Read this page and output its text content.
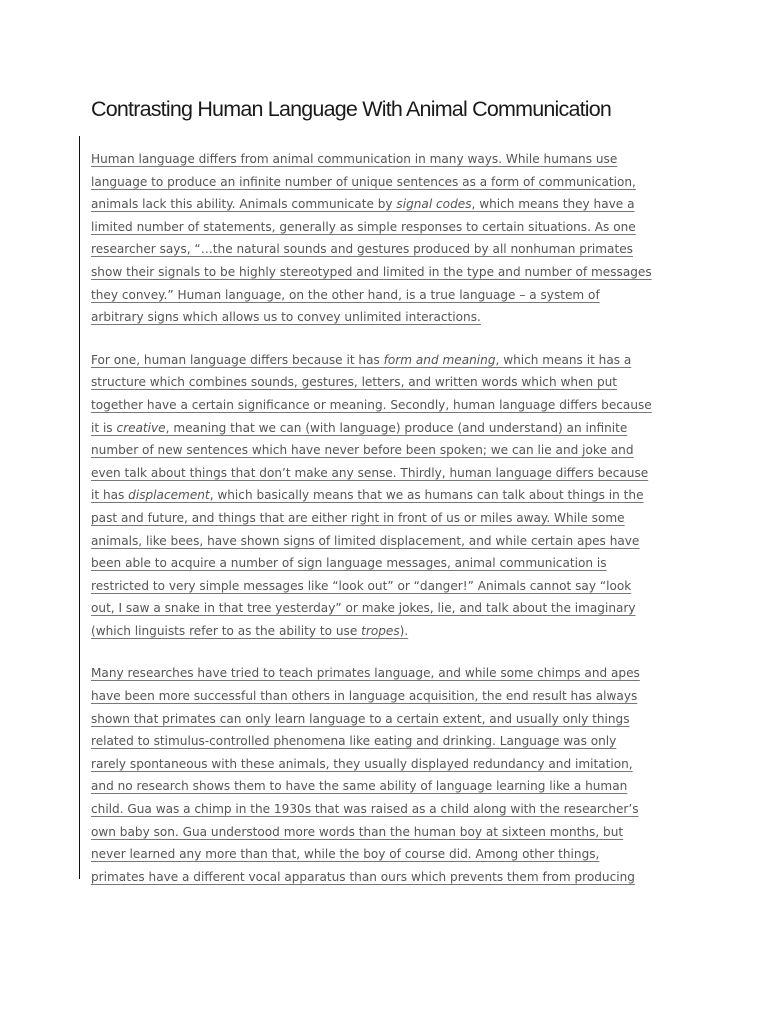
Contrasting Human Language With Animal Communication
Human language differs from animal communication in many ways. While humans use
language to produce an infinite number of unique sentences as a form of communication,
animals lack this ability. Animals communicate by signal codes, which means they have a
limited number of statements, generally as simple responses to certain situations. As one
researcher says, “…the natural sounds and gestures produced by all nonhuman primates
show their signals to be highly stereotyped and limited in the type and number of messages
they convey.” Human language, on the other hand, is a true language – a system of
arbitrary signs which allows us to convey unlimited interactions.
For one, human language differs because it has form and meaning, which means it has a
structure which combines sounds, gestures, letters, and written words which when put
together have a certain significance or meaning. Secondly, human language differs because
it is creative, meaning that we can (with language) produce (and understand) an infinite
number of new sentences which have never before been spoken; we can lie and joke and
even talk about things that don’t make any sense. Thirdly, human language differs because
it has displacement, which basically means that we as humans can talk about things in the
past and future, and things that are either right in front of us or miles away. While some
animals, like bees, have shown signs of limited displacement, and while certain apes have
been able to acquire a number of sign language messages, animal communication is
restricted to very simple messages like “look out” or “danger!” Animals cannot say “look
out, I saw a snake in that tree yesterday” or make jokes, lie, and talk about the imaginary
(which linguists refer to as the ability to use tropes).
Many researches have tried to teach primates language, and while some chimps and apes
have been more successful than others in language acquisition, the end result has always
shown that primates can only learn language to a certain extent, and usually only things
related to stimulus-controlled phenomena like eating and drinking. Language was only
rarely spontaneous with these animals, they usually displayed redundancy and imitation,
and no research shows them to have the same ability of language learning like a human
child. Gua was a chimp in the 1930s that was raised as a child along with the researcher’s
own baby son. Gua understood more words than the human boy at sixteen months, but
never learned any more than that, while the boy of course did. Among other things,
primates have a different vocal apparatus than ours which prevents them from producing
